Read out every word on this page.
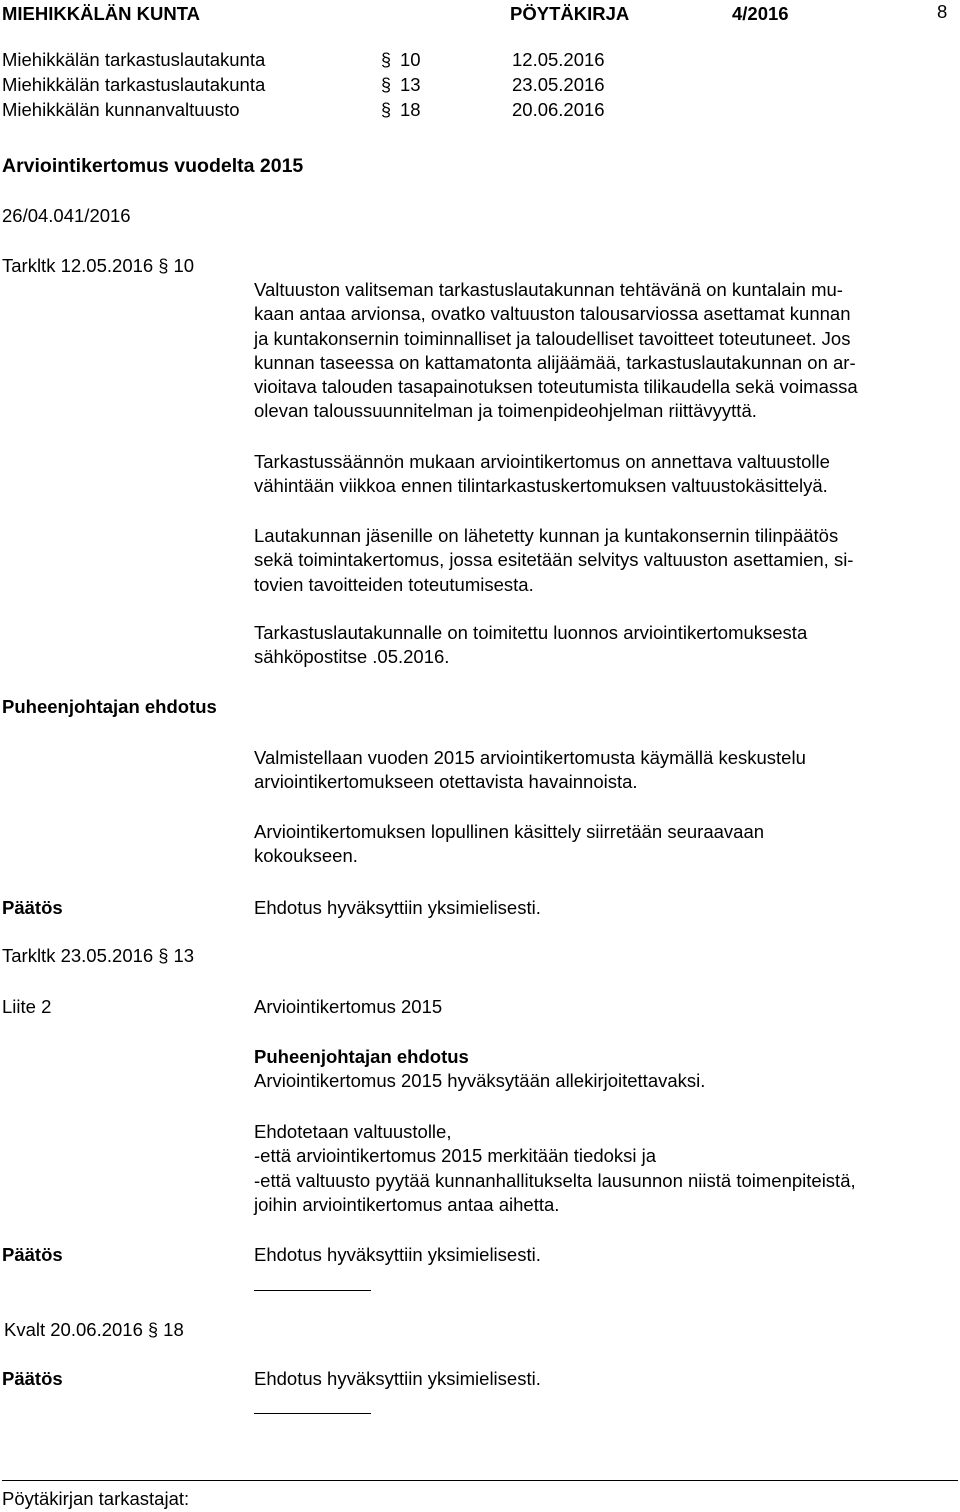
MIEHIKKÄLÄN KUNTA	PÖYTÄKIRJA	4/2016	8
Miehikkälän tarkastuslautakunta	§ 10	12.05.2016
Miehikkälän tarkastuslautakunta	§ 13	23.05.2016
Miehikkälän kunnanvaltuusto	§ 18	20.06.2016
Arviointikertomus vuodelta 2015
26/04.041/2016
Tarkltk 12.05.2016 § 10
Valtuuston valitseman tarkastuslautakunnan tehtävänä on kuntalain mu-
kaan antaa arvionsa, ovatko valtuuston talousarviossa asettamat kunnan
ja kuntakonsernin toiminnalliset ja taloudelliset tavoitteet toteutuneet. Jos
kunnan taseessa on kattamatonta alijäämää, tarkastuslautakunnan on ar-
vioitava talouden tasapainotuksen toteutumista tilikaudella sekä voimassa
olevan taloussuunnitelman ja toimenpideohjelman riittävyyttä.
Tarkastussäännön mukaan arviointikertomus on annettava valtuustolle
vähintään viikkoa ennen tilintarkastuskertomuksen valtuustokäsittelyä.
Lautakunnan jäsenille on lähetetty kunnan ja kuntakonsernin tilinpäätös
sekä toimintakertomus, jossa esitetään selvitys valtuuston asettamien, si-
tovien tavoitteiden toteutumisesta.
Tarkastuslautakunnalle on toimitettu luonnos arviointikertomuksesta
sähköpostitse .05.2016.
Puheenjohtajan ehdotus
Valmistellaan vuoden 2015 arviointikertomusta käymällä keskustelu
arviointikertomukseen otettavista havainnoista.
Arviointikertomuksen lopullinen käsittely siirretään seuraavaan
kokoukseen.
Päätös	Ehdotus hyväksyttiin yksimielisesti.
Tarkltk 23.05.2016 § 13
Liite 2	Arviointikertomus 2015
Puheenjohtajan ehdotus
Arviointikertomus 2015 hyväksytään allekirjoitettavaksi.
Ehdotetaan valtuustolle,
-että arviointikertomus 2015 merkitään tiedoksi ja
-että valtuusto pyytää kunnanhallitukselta lausunnon niistä toimenpiteistä,
joihin arviointikertomus antaa aihetta.
Päätös	Ehdotus hyväksyttiin yksimielisesti.
Kvalt 20.06.2016 § 18
Päätös	Ehdotus hyväksyttiin yksimielisesti.
Pöytäkirjan tarkastajat:
